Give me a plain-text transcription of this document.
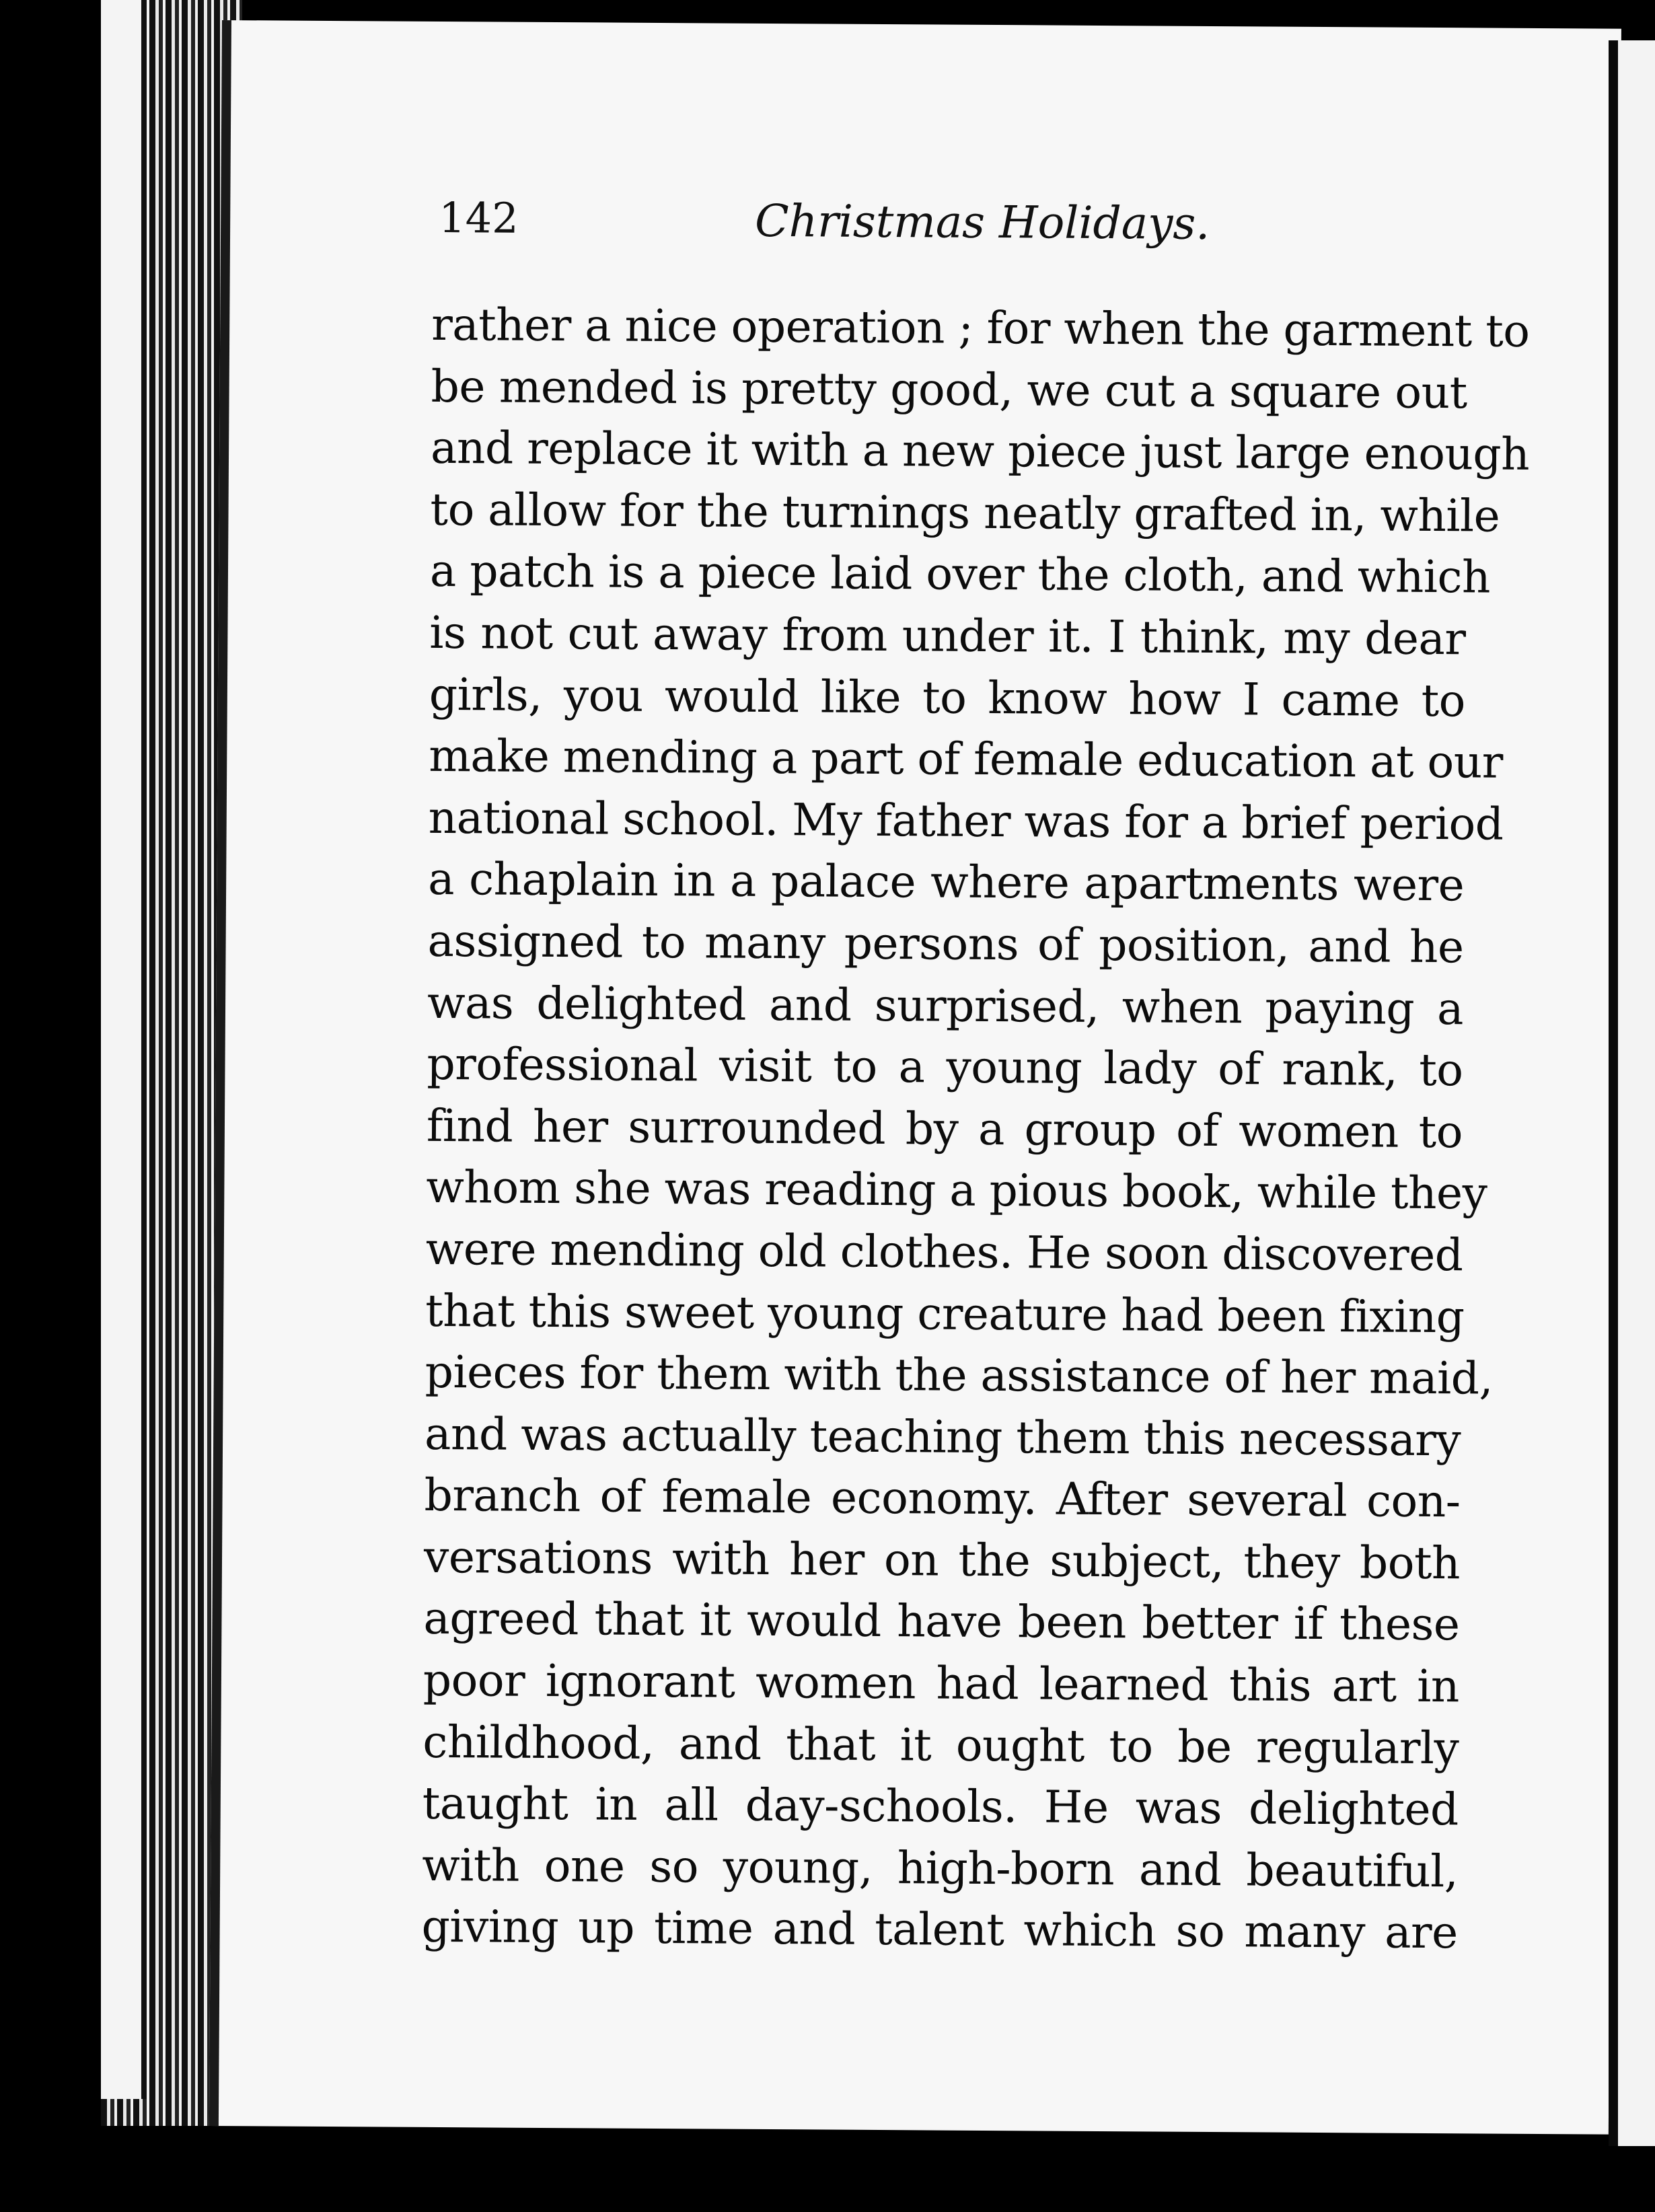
142	Christmas Holidays.
rather a nice operation ; for when the garment to
be mended is pretty good, we cut a square out
and replace it with a new piece just large enough
to allow for the turnings neatly grafted in, while
a patch is a piece laid over the cloth, and which
is not cut away from under it. I think, my dear
girls, you would like to know how I came to
make mending a part of female education at our
national school. My father was for a brief period
a chaplain in a palace where apartments were
assigned to many persons of position, and he
was delighted and surprised, when paying a
professional visit to a young lady of rank, to
find her surrounded by a group of women to
whom she was reading a pious book, while they
were mending old clothes. He soon discovered
that this sweet young creature had been fixing
pieces for them with the assistance of her maid,
and was actually teaching them this necessary
branch of female economy. After several con-
versations with her on the subject, they both
agreed that it would have been better if these
poor ignorant women had learned this art in
childhood, and that it ought to be regularly
taught in all day-schools. He was delighted
with one so young, high-born and beautiful,
giving up time and talent which so many are
